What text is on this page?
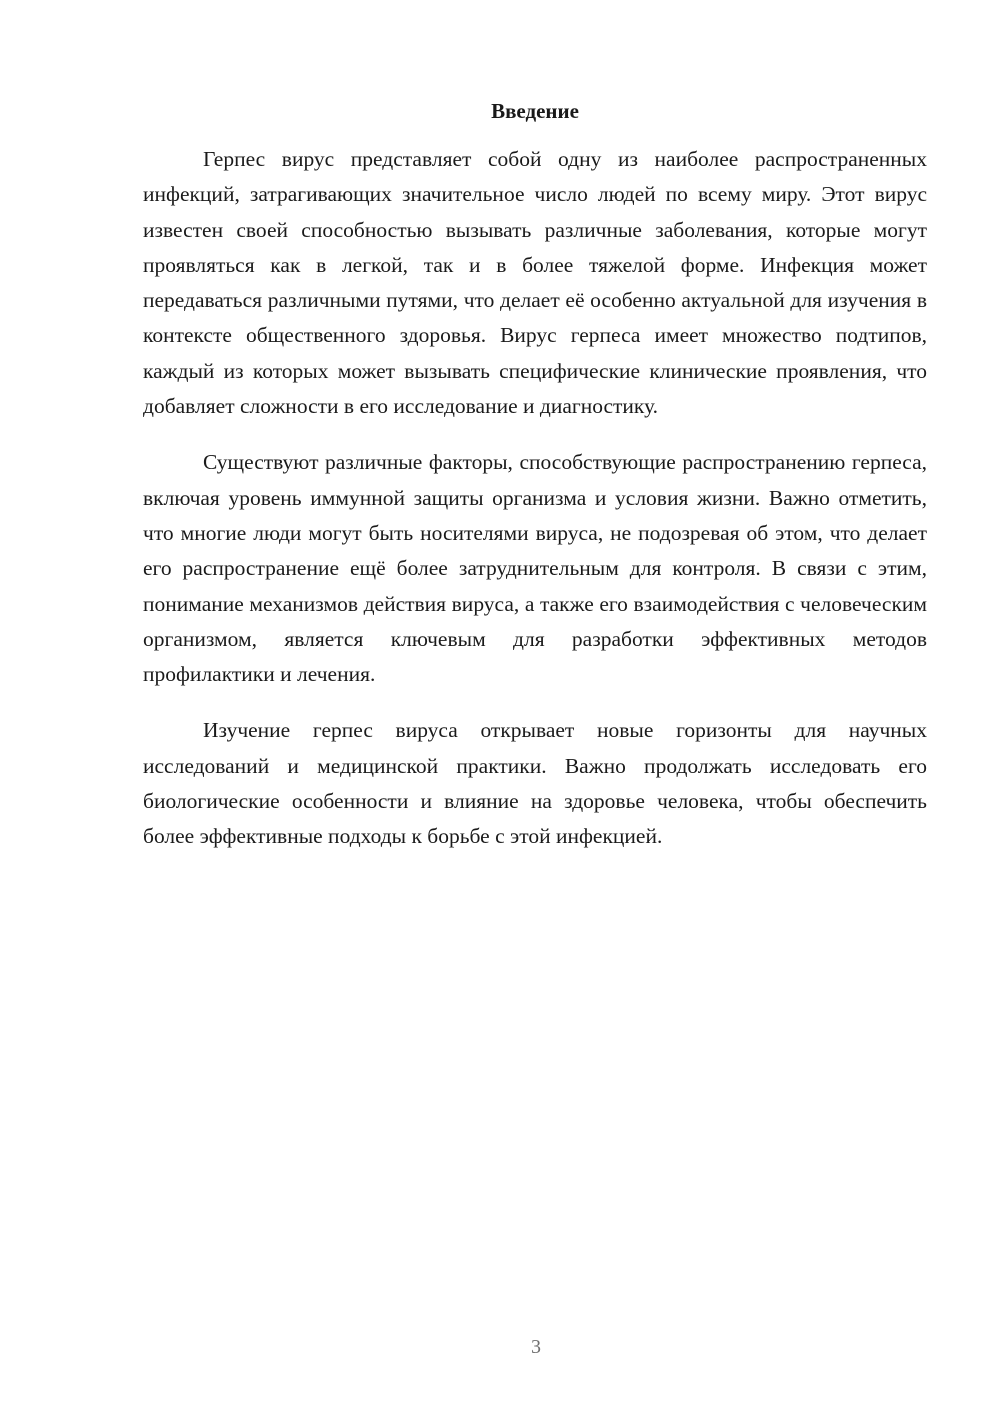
Введение

Герпес вирус представляет собой одну из наиболее распространенных инфекций, затрагивающих значительное число людей по всему миру. Этот вирус известен своей способностью вызывать различные заболевания, которые могут проявляться как в легкой, так и в более тяжелой форме. Инфекция может передаваться различными путями, что делает её особенно актуальной для изучения в контексте общественного здоровья. Вирус герпеса имеет множество подтипов, каждый из которых может вызывать специфические клинические проявления, что добавляет сложности в его исследование и диагностику.

Существуют различные факторы, способствующие распространению герпеса, включая уровень иммунной защиты организма и условия жизни. Важно отметить, что многие люди могут быть носителями вируса, не подозревая об этом, что делает его распространение ещё более затруднительным для контроля. В связи с этим, понимание механизмов действия вируса, а также его взаимодействия с человеческим организмом, является ключевым для разработки эффективных методов профилактики и лечения.

Изучение герпес вируса открывает новые горизонты для научных исследований и медицинской практики. Важно продолжать исследовать его биологические особенности и влияние на здоровье человека, чтобы обеспечить более эффективные подходы к борьбе с этой инфекцией.

3
